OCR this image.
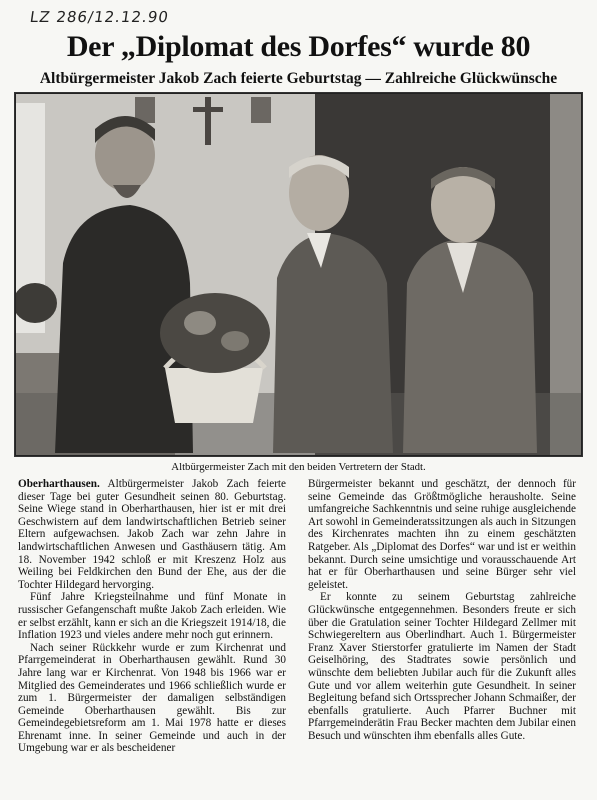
LZ 286/12.12.90
Der „Diplomat des Dorfes“ wurde 80
Altbürgermeister Jakob Zach feierte Geburtstag — Zahlreiche Glückwünsche
Altbürgermeister Zach mit den beiden Vertretern der Stadt.

Oberharthausen. Altbürgermeister Jakob Zach feierte dieser Tage bei guter Gesundheit seinen 80. Geburtstag. Seine Wiege stand in Oberharthausen, hier ist er mit drei Geschwistern auf dem landwirtschaftlichen Betrieb seiner Eltern aufgewachsen. Jakob Zach war zehn Jahre in landwirtschaftlichen Anwesen und Gasthäusern tätig. Am 18. November 1942 schloß er mit Kreszenz Holz aus Weiling bei Feldkirchen den Bund der Ehe, aus der die Tochter Hildegard hervorging.

Fünf Jahre Kriegsteilnahme und fünf Monate in russischer Gefangenschaft mußte Jakob Zach erleiden. Wie er selbst erzählt, kann er sich an die Kriegszeit 1914/18, die Inflation 1923 und vieles andere mehr noch gut erinnern.

Nach seiner Rückkehr wurde er zum Kirchenrat und Pfarrgemeinderat in Oberharthausen gewählt. Rund 30 Jahre lang war er Kirchenrat. Von 1948 bis 1966 war er Mitglied des Gemeinderates und 1966 schließlich wurde er zum 1. Bürgermeister der damaligen selbständigen Gemeinde Oberharthausen gewählt. Bis zur Gemeindegebietsreform am 1. Mai 1978 hatte er dieses Ehrenamt inne. In seiner Gemeinde und auch in der Umgebung war er als bescheidener

Bürgermeister bekannt und geschätzt, der dennoch für seine Gemeinde das Größtmögliche herausholte. Seine umfangreiche Sachkenntnis und seine ruhige ausgleichende Art sowohl in Gemeinderatssitzungen als auch in Sitzungen des Kirchenrates machten ihn zu einem geschätzten Ratgeber. Als „Diplomat des Dorfes“ war und ist er weithin bekannt. Durch seine umsichtige und vorausschauende Art hat er für Oberharthausen und seine Bürger sehr viel geleistet.

Er konnte zu seinem Geburtstag zahlreiche Glückwünsche entgegennehmen. Besonders freute er sich über die Gratulation seiner Tochter Hildegard Zellmer mit Schwiegereltern aus Oberlindhart. Auch 1. Bürgermeister Franz Xaver Stierstorfer gratulierte im Namen der Stadt Geiselhöring, des Stadtrates sowie persönlich und wünschte dem beliebten Jubilar auch für die Zukunft alles Gute und vor allem weiterhin gute Gesundheit. In seiner Begleitung befand sich Ortssprecher Johann Schmaißer, der ebenfalls gratulierte. Auch Pfarrer Buchner mit Pfarrgemeinderätin Frau Becker machten dem Jubilar einen Besuch und wünschten ihm ebenfalls alles Gute.
